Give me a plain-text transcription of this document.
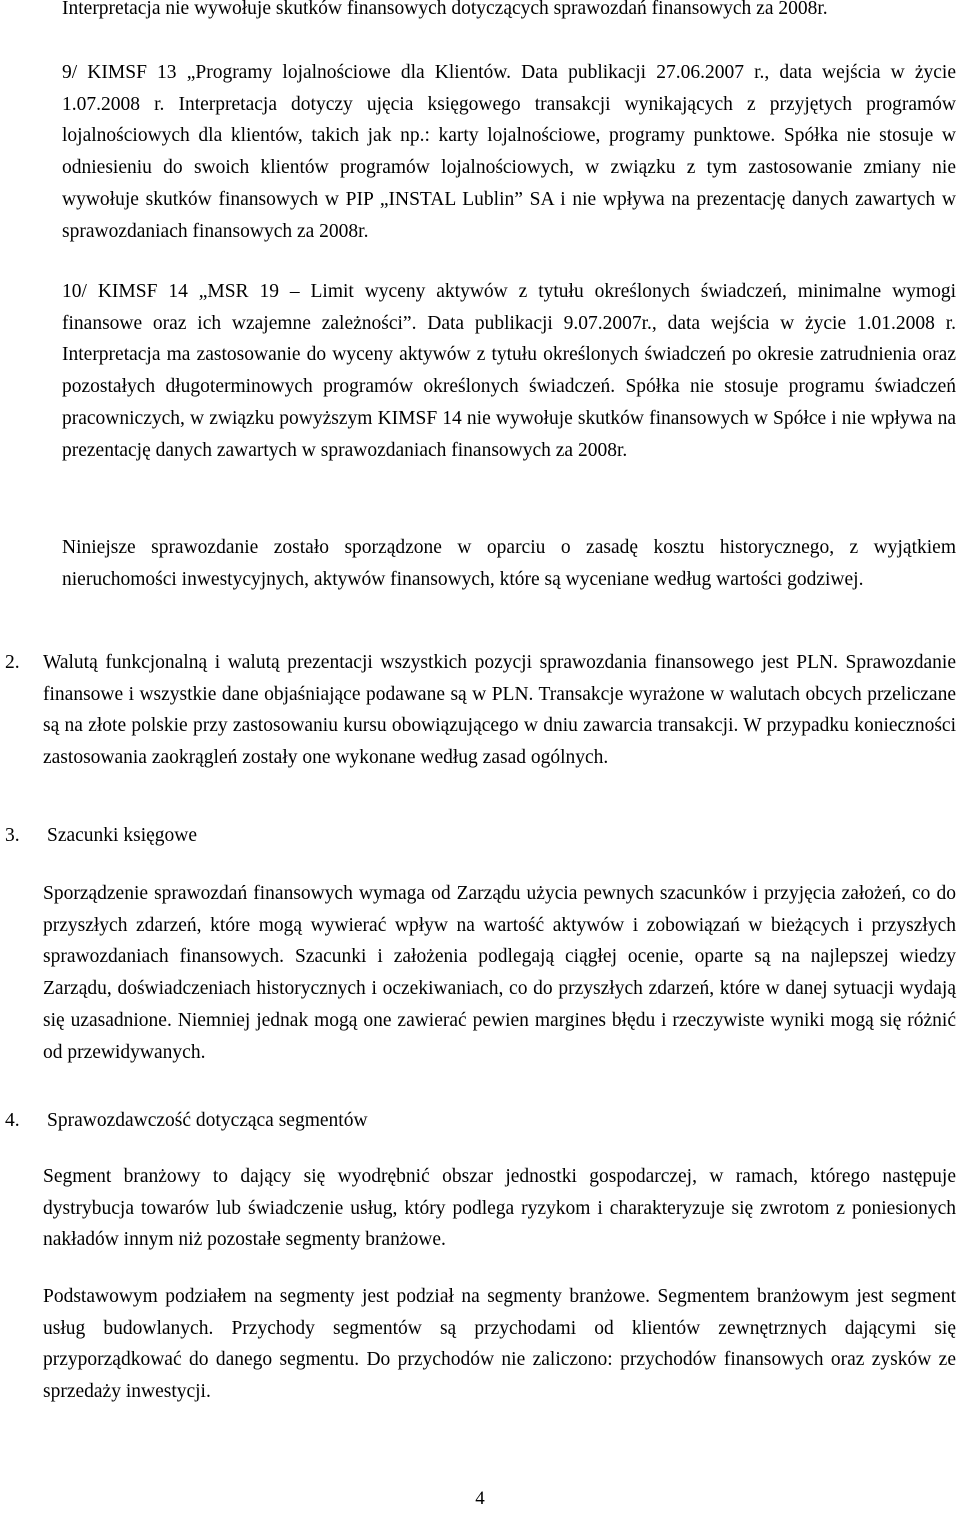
Interpretacja nie wywołuje skutków finansowych dotyczących sprawozdań finansowych za 2008r.

9/ KIMSF 13 „Programy lojalnościowe dla Klientów. Data publikacji 27.06.2007 r., data wejścia w życie 1.07.2008 r. Interpretacja dotyczy ujęcia księgowego transakcji wynikających z przyjętych programów lojalnościowych dla klientów, takich jak np.: karty lojalnościowe, programy punktowe. Spółka nie stosuje w odniesieniu do swoich klientów programów lojalnościowych, w związku z tym zastosowanie zmiany nie wywołuje skutków finansowych w PIP „INSTAL Lublin” SA i nie wpływa na prezentację danych zawartych w sprawozdaniach finansowych za 2008r.

10/ KIMSF 14 „MSR 19 – Limit wyceny aktywów z tytułu określonych świadczeń, minimalne wymogi finansowe oraz ich wzajemne zależności”. Data publikacji 9.07.2007r., data wejścia w życie 1.01.2008 r. Interpretacja ma zastosowanie do wyceny aktywów z tytułu określonych świadczeń po okresie zatrudnienia oraz pozostałych długoterminowych programów określonych świadczeń. Spółka nie stosuje programu świadczeń pracowniczych, w związku powyższym KIMSF 14 nie wywołuje skutków finansowych w Spółce i nie wpływa na prezentację danych zawartych w sprawozdaniach finansowych za 2008r.

Niniejsze sprawozdanie zostało sporządzone w oparciu o zasadę kosztu historycznego, z wyjątkiem nieruchomości inwestycyjnych, aktywów finansowych, które są wyceniane według wartości godziwej.

2. Walutą funkcjonalną i walutą prezentacji wszystkich pozycji sprawozdania finansowego jest PLN. Sprawozdanie finansowe i wszystkie dane objaśniające podawane są w PLN. Transakcje wyrażone w walutach obcych przeliczane są na złote polskie przy zastosowaniu kursu obowiązującego w dniu zawarcia transakcji. W przypadku konieczności zastosowania zaokrągleń zostały one wykonane według zasad ogólnych.

3. Szacunki księgowe

Sporządzenie sprawozdań finansowych wymaga od Zarządu użycia pewnych szacunków i przyjęcia założeń, co do przyszłych zdarzeń, które mogą wywierać wpływ na wartość aktywów i zobowiązań w bieżących i przyszłych sprawozdaniach finansowych. Szacunki i założenia podlegają ciągłej ocenie, oparte są na najlepszej wiedzy Zarządu, doświadczeniach historycznych i oczekiwaniach, co do przyszłych zdarzeń, które w danej sytuacji wydają się uzasadnione. Niemniej jednak mogą one zawierać pewien margines błędu i rzeczywiste wyniki mogą się różnić od przewidywanych.

4. Sprawozdawczość dotycząca segmentów

Segment branżowy to dający się wyodrębnić obszar jednostki gospodarczej, w ramach, którego następuje dystrybucja towarów lub świadczenie usług, który podlega ryzykom i charakteryzuje się zwrotom z poniesionych nakładów innym niż pozostałe segmenty branżowe.

Podstawowym podziałem na segmenty jest podział na segmenty branżowe. Segmentem branżowym jest segment usług budowlanych. Przychody segmentów są przychodami od klientów zewnętrznych dającymi się przyporządkować do danego segmentu. Do przychodów nie zaliczono: przychodów finansowych oraz zysków ze sprzedaży inwestycji.

4
